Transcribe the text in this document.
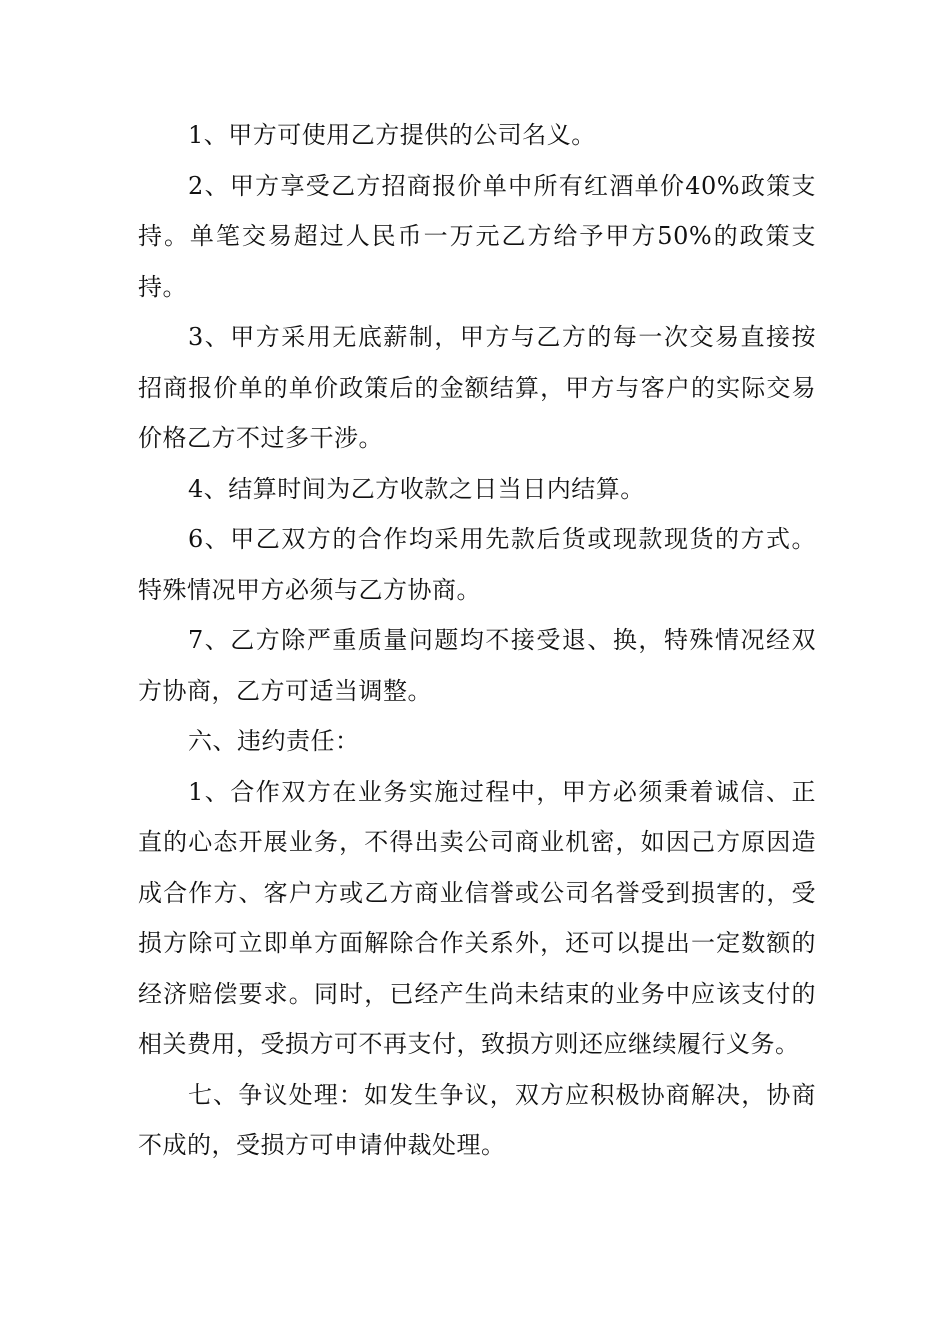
1、甲方可使用乙方提供的公司名义。

2、甲方享受乙方招商报价单中所有红酒单价40%政策支持。单笔交易超过人民币一万元乙方给予甲方50%的政策支持。

3、甲方采用无底薪制，甲方与乙方的每一次交易直接按招商报价单的单价政策后的金额结算，甲方与客户的实际交易价格乙方不过多干涉。

4、结算时间为乙方收款之日当日内结算。

6、甲乙双方的合作均采用先款后货或现款现货的方式。特殊情况甲方必须与乙方协商。

7、乙方除严重质量问题均不接受退、换，特殊情况经双方协商，乙方可适当调整。

六、违约责任：

1、合作双方在业务实施过程中，甲方必须秉着诚信、正直的心态开展业务，不得出卖公司商业机密，如因己方原因造成合作方、客户方或乙方商业信誉或公司名誉受到损害的，受损方除可立即单方面解除合作关系外，还可以提出一定数额的经济赔偿要求。同时，已经产生尚未结束的业务中应该支付的相关费用，受损方可不再支付，致损方则还应继续履行义务。

七、争议处理：如发生争议，双方应积极协商解决，协商不成的，受损方可申请仲裁处理。
